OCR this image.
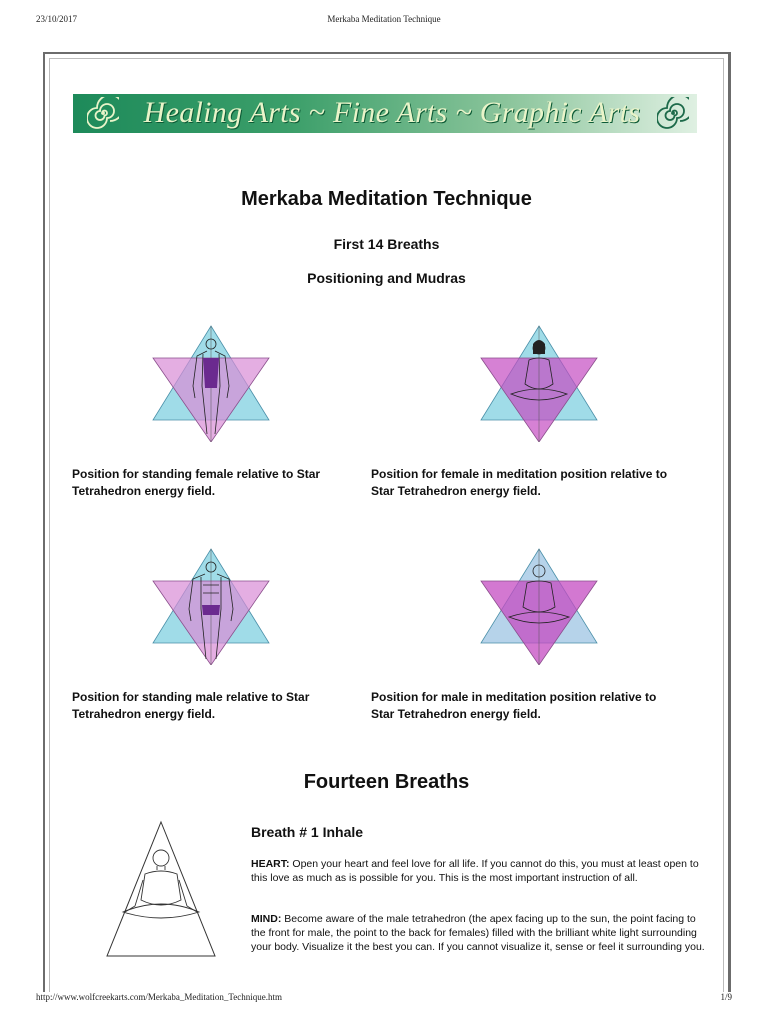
23/10/2017	Merkaba Meditation Technique
Healing Arts ~ Fine Arts ~ Graphic Arts
Merkaba Meditation Technique
First 14 Breaths
Positioning and Mudras
Position for standing female relative to Star Tetrahedron energy field.
Position for female in meditation position relative to Star Tetrahedron energy field.
Position for standing male relative to Star Tetrahedron energy field.
Position for male in meditation position relative to Star Tetrahedron energy field.
Fourteen Breaths
Breath # 1 Inhale
HEART: Open your heart and feel love for all life. If you cannot do this, you must at least open to this love as much as is possible for you. This is the most important instruction of all.
MIND: Become aware of the male tetrahedron (the apex facing up to the sun, the point facing to the front for male, the point to the back for females) filled with the brilliant white light surrounding your body. Visualize it the best you can. If you cannot visualize it, sense or feel it surrounding you.
http://www.wolfcreekarts.com/Merkaba_Meditation_Technique.htm	1/9
